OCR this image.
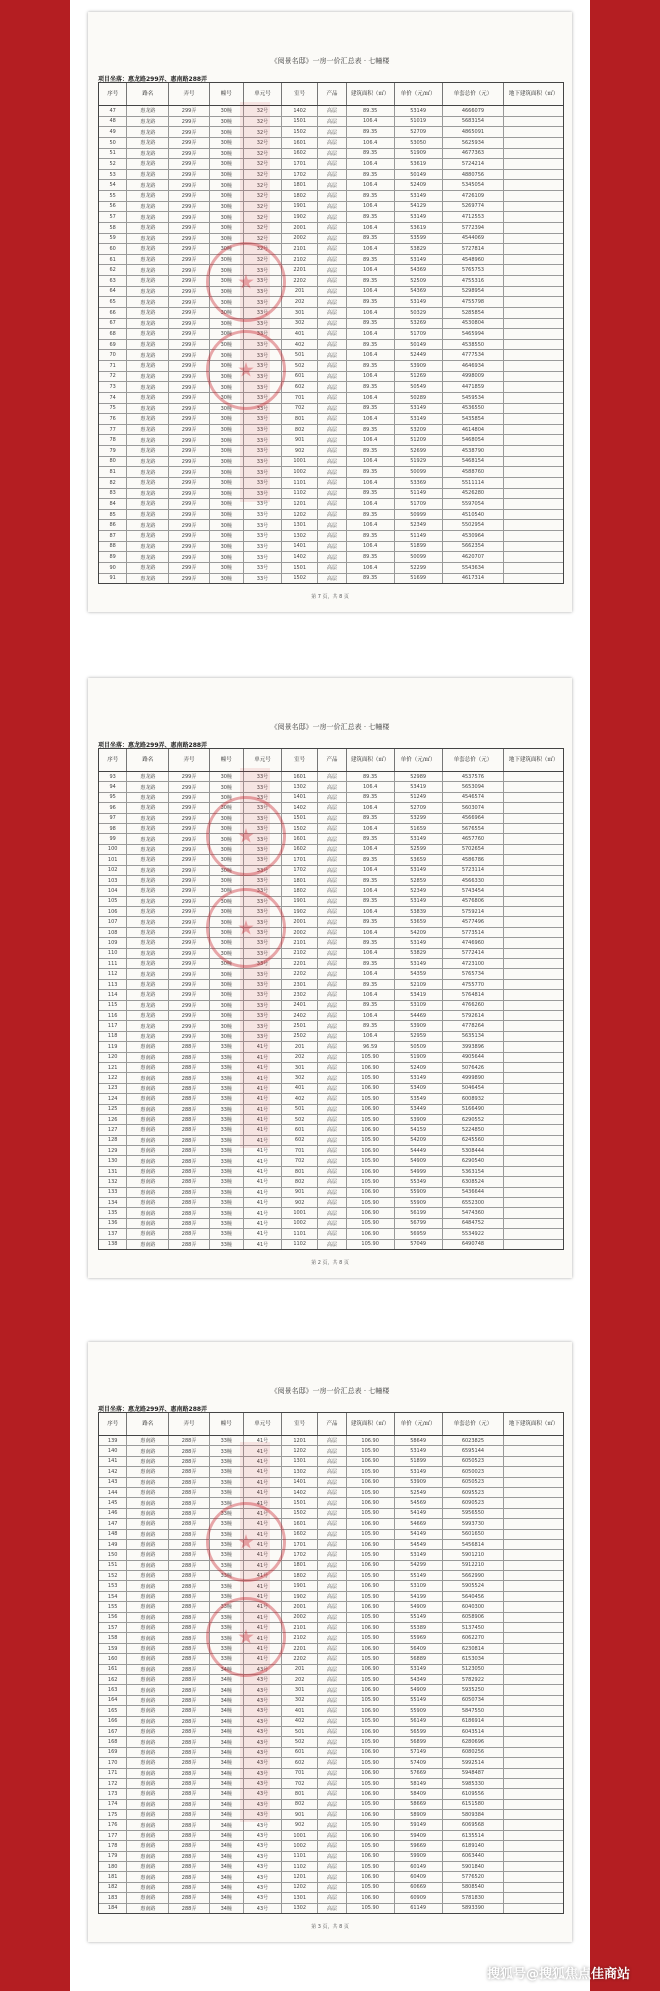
《阅景名邸》一房一价汇总表 · 七幢楼
项目坐落：惠龙路299弄、惠南路288弄
序号	路名	弄号	幢号	单元号	室号	产品	建筑面积（㎡）	单价（元/㎡）	单套总价（元）	地下建筑面积（㎡）
47	惠龙路	299弄	30幢	32号	1402	高层	89.35	53149	4666079
48	惠龙路	299弄	30幢	32号	1501	高层	106.4	51019	5683154
49	惠龙路	299弄	30幢	32号	1502	高层	89.35	52709	4865091
50	惠龙路	299弄	30幢	32号	1601	高层	106.4	53050	5625934
51	惠龙路	299弄	30幢	32号	1602	高层	89.35	51909	4677363
52	惠龙路	299弄	30幢	32号	1701	高层	106.4	53619	5724214
53	惠龙路	299弄	30幢	32号	1702	高层	89.35	50149	4880756
54	惠龙路	299弄	30幢	32号	1801	高层	106.4	52409	5345054
55	惠龙路	299弄	30幢	32号	1802	高层	89.35	53149	4726109
56	惠龙路	299弄	30幢	32号	1901	高层	106.4	54129	5269774
57	惠龙路	299弄	30幢	32号	1902	高层	89.35	53149	4712553
58	惠龙路	299弄	30幢	32号	2001	高层	106.4	53619	5772394
59	惠龙路	299弄	30幢	32号	2002	高层	89.35	53599	4544069
60	惠龙路	299弄	30幢	32号	2101	高层	106.4	53829	5727814
61	惠龙路	299弄	30幢	32号	2102	高层	89.35	53149	4548960
62	惠龙路	299弄	30幢	33号	2201	高层	106.4	54369	5765753
63	惠龙路	299弄	30幢	33号	2202	高层	89.35	52509	4755316
64	惠龙路	299弄	30幢	33号	201	高层	106.4	54369	5298954
65	惠龙路	299弄	30幢	33号	202	高层	89.35	53149	4755798
66	惠龙路	299弄	30幢	33号	301	高层	106.4	50329	5285854
67	惠龙路	299弄	30幢	33号	302	高层	89.35	53269	4530804
68	惠龙路	299弄	30幢	33号	401	高层	106.4	51709	5465994
69	惠龙路	299弄	30幢	33号	402	高层	89.35	50149	4538550
70	惠龙路	299弄	30幢	33号	501	高层	106.4	52449	4777534
71	惠龙路	299弄	30幢	33号	502	高层	89.35	53909	4646934
72	惠龙路	299弄	30幢	33号	601	高层	106.4	51269	4998009
73	惠龙路	299弄	30幢	33号	602	高层	89.35	50549	4471859
74	惠龙路	299弄	30幢	33号	701	高层	106.4	50289	5459534
75	惠龙路	299弄	30幢	33号	702	高层	89.35	53149	4536550
76	惠龙路	299弄	30幢	33号	801	高层	106.4	53149	5435854
77	惠龙路	299弄	30幢	33号	802	高层	89.35	53209	4614804
78	惠龙路	299弄	30幢	33号	901	高层	106.4	51209	5468054
79	惠龙路	299弄	30幢	33号	902	高层	89.35	52699	4538790
80	惠龙路	299弄	30幢	33号	1001	高层	106.4	51929	5468154
81	惠龙路	299弄	30幢	33号	1002	高层	89.35	50099	4588760
82	惠龙路	299弄	30幢	33号	1101	高层	106.4	53369	5511114
83	惠龙路	299弄	30幢	33号	1102	高层	89.35	51149	4526280
84	惠龙路	299弄	30幢	33号	1201	高层	106.4	51709	5597054
85	惠龙路	299弄	30幢	33号	1202	高层	89.35	50999	4510540
86	惠龙路	299弄	30幢	33号	1301	高层	106.4	52349	5502954
87	惠龙路	299弄	30幢	33号	1302	高层	89.35	51149	4530964
88	惠龙路	299弄	30幢	33号	1401	高层	106.4	51899	5662354
89	惠龙路	299弄	30幢	33号	1402	高层	89.35	50099	4620707
90	惠龙路	299弄	30幢	33号	1501	高层	106.4	52299	5543634
91	惠龙路	299弄	30幢	33号	1502	高层	89.35	51699	4617314
第 7 页，共 8 页
《阅景名邸》一房一价汇总表 · 七幢楼
项目坐落：惠龙路299弄、惠南路288弄
序号	路名	弄号	幢号	单元号	室号	产品	建筑面积（㎡）	单价（元/㎡）	单套总价（元）	地下建筑面积（㎡）
93	惠龙路	299弄	30幢	33号	1601	高层	89.35	52989	4537576
94	惠龙路	299弄	30幢	33号	1302	高层	106.4	53419	5653094
95	惠龙路	299弄	30幢	33号	1401	高层	89.35	51249	4546574
96	惠龙路	299弄	30幢	33号	1402	高层	106.4	52709	5603074
97	惠龙路	299弄	30幢	33号	1501	高层	89.35	53299	4566964
98	惠龙路	299弄	30幢	33号	1502	高层	106.4	51659	5676554
99	惠龙路	299弄	30幢	33号	1601	高层	89.35	53149	4657760
100	惠龙路	299弄	30幢	33号	1602	高层	106.4	52599	5702654
101	惠龙路	299弄	30幢	33号	1701	高层	89.35	53659	4586786
102	惠龙路	299弄	30幢	33号	1702	高层	106.4	53149	5723114
103	惠龙路	299弄	30幢	33号	1801	高层	89.35	52859	4566330
104	惠龙路	299弄	30幢	33号	1802	高层	106.4	52349	5743454
105	惠龙路	299弄	30幢	33号	1901	高层	89.35	53149	4576806
106	惠龙路	299弄	30幢	33号	1902	高层	106.4	53839	5759214
107	惠龙路	299弄	30幢	33号	2001	高层	89.35	53659	4577496
108	惠龙路	299弄	30幢	33号	2002	高层	106.4	54209	5773514
109	惠龙路	299弄	30幢	33号	2101	高层	89.35	53149	4746960
110	惠龙路	299弄	30幢	33号	2102	高层	106.4	53829	5772414
111	惠龙路	299弄	30幢	33号	2201	高层	89.35	53149	4723100
112	惠龙路	299弄	30幢	33号	2202	高层	106.4	54359	5765734
113	惠龙路	299弄	30幢	33号	2301	高层	89.35	52109	4755770
114	惠龙路	299弄	30幢	33号	2302	高层	106.4	53419	5764814
115	惠龙路	299弄	30幢	33号	2401	高层	89.35	53109	4766260
116	惠龙路	299弄	30幢	33号	2402	高层	106.4	54469	5792614
117	惠龙路	299弄	30幢	33号	2501	高层	89.35	53909	4778264
118	惠龙路	299弄	30幢	33号	2502	高层	106.4	52959	5635134
119	惠南路	288弄	33幢	41号	201	高层	96.59	50509	3993896
120	惠南路	288弄	33幢	41号	202	高层	105.90	51909	4905644
121	惠南路	288弄	33幢	41号	301	高层	106.90	52409	5076426
122	惠南路	288弄	33幢	41号	302	高层	105.90	53149	4999890
123	惠南路	288弄	33幢	41号	401	高层	106.90	53409	5046454
124	惠南路	288弄	33幢	41号	402	高层	105.90	53549	6008932
125	惠南路	288弄	33幢	41号	501	高层	106.90	53449	5166490
126	惠南路	288弄	33幢	41号	502	高层	105.90	53909	6290552
127	惠南路	288弄	33幢	41号	601	高层	106.90	54159	5224850
128	惠南路	288弄	33幢	41号	602	高层	105.90	54209	6245560
129	惠南路	288弄	33幢	41号	701	高层	106.90	54449	5308444
130	惠南路	288弄	33幢	41号	702	高层	105.90	54909	6290540
131	惠南路	288弄	33幢	41号	801	高层	106.90	54999	5363154
132	惠南路	288弄	33幢	41号	802	高层	105.90	55349	6308524
133	惠南路	288弄	33幢	41号	901	高层	106.90	55909	5436644
134	惠南路	288弄	33幢	41号	902	高层	105.90	55909	6552300
135	惠南路	288弄	33幢	41号	1001	高层	106.90	56199	5474360
136	惠南路	288弄	33幢	41号	1002	高层	105.90	56799	6484752
137	惠南路	288弄	33幢	41号	1101	高层	106.90	56959	5534922
138	惠南路	288弄	33幢	41号	1102	高层	105.90	57049	6490748
第 2 页，共 8 页
《阅景名邸》一房一价汇总表 · 七幢楼
项目坐落：惠龙路299弄、惠南路288弄
序号	路名	弄号	幢号	单元号	室号	产品	建筑面积（㎡）	单价（元/㎡）	单套总价（元）	地下建筑面积（㎡）
139	惠南路	288弄	33幢	41号	1201	高层	106.90	58649	6023825
140	惠南路	288弄	33幢	41号	1202	高层	105.90	53149	6595144
141	惠南路	288弄	33幢	41号	1301	高层	106.90	51899	6050523
142	惠南路	288弄	33幢	41号	1302	高层	105.90	53149	6050023
143	惠南路	288弄	33幢	41号	1401	高层	106.90	53909	6050523
144	惠南路	288弄	33幢	41号	1402	高层	105.90	52549	6095523
145	惠南路	288弄	33幢	41号	1501	高层	106.90	54569	6090523
146	惠南路	288弄	33幢	41号	1502	高层	105.90	54149	5956550
147	惠南路	288弄	33幢	41号	1601	高层	106.90	54669	5993730
148	惠南路	288弄	33幢	41号	1602	高层	105.90	54149	5601650
149	惠南路	288弄	33幢	41号	1701	高层	106.90	54549	5456814
150	惠南路	288弄	33幢	41号	1702	高层	105.90	53149	5901210
151	惠南路	288弄	33幢	41号	1801	高层	106.90	54299	5912210
152	惠南路	288弄	33幢	41号	1802	高层	105.90	55149	5662990
153	惠南路	288弄	33幢	41号	1901	高层	106.90	53109	5905524
154	惠南路	288弄	33幢	41号	1902	高层	105.90	54199	5640456
155	惠南路	288弄	33幢	41号	2001	高层	106.90	54909	6040300
156	惠南路	288弄	33幢	41号	2002	高层	105.90	55149	6058906
157	惠南路	288弄	33幢	41号	2101	高层	106.90	55389	5137450
158	惠南路	288弄	33幢	41号	2102	高层	105.90	55969	6062270
159	惠南路	288弄	33幢	41号	2201	高层	106.90	56409	6230814
160	惠南路	288弄	33幢	41号	2202	高层	105.90	56889	6153034
161	惠南路	288弄	34幢	43号	201	高层	106.90	53149	5123050
162	惠南路	288弄	34幢	43号	202	高层	105.90	54349	5782922
163	惠南路	288弄	34幢	43号	301	高层	106.90	54909	5935250
164	惠南路	288弄	34幢	43号	302	高层	105.90	55149	6050734
165	惠南路	288弄	34幢	43号	401	高层	106.90	55909	5847550
166	惠南路	288弄	34幢	43号	402	高层	105.90	56149	6186914
167	惠南路	288弄	34幢	43号	501	高层	106.90	56599	6043514
168	惠南路	288弄	34幢	43号	502	高层	105.90	56899	6280696
169	惠南路	288弄	34幢	43号	601	高层	106.90	57149	6080256
170	惠南路	288弄	34幢	43号	602	高层	105.90	57409	5992514
171	惠南路	288弄	34幢	43号	701	高层	106.90	57669	5948487
172	惠南路	288弄	34幢	43号	702	高层	105.90	58149	5985330
173	惠南路	288弄	34幢	43号	801	高层	106.90	58409	6109556
174	惠南路	288弄	34幢	43号	802	高层	105.90	58669	6151580
175	惠南路	288弄	34幢	43号	901	高层	106.90	58909	5809384
176	惠南路	288弄	34幢	43号	902	高层	105.90	59149	6069568
177	惠南路	288弄	34幢	43号	1001	高层	106.90	59409	6135514
178	惠南路	288弄	34幢	43号	1002	高层	105.90	59669	6189140
179	惠南路	288弄	34幢	43号	1101	高层	106.90	59909	6063440
180	惠南路	288弄	34幢	43号	1102	高层	105.90	60149	5901840
181	惠南路	288弄	34幢	43号	1201	高层	106.90	60409	5776520
182	惠南路	288弄	34幢	43号	1202	高层	105.90	60669	5808540
183	惠南路	288弄	34幢	43号	1301	高层	106.90	60909	5781830
184	惠南路	288弄	34幢	43号	1302	高层	105.90	61149	5893390
第 3 页，共 8 页
搜狐号@搜狐焦点佳商站
